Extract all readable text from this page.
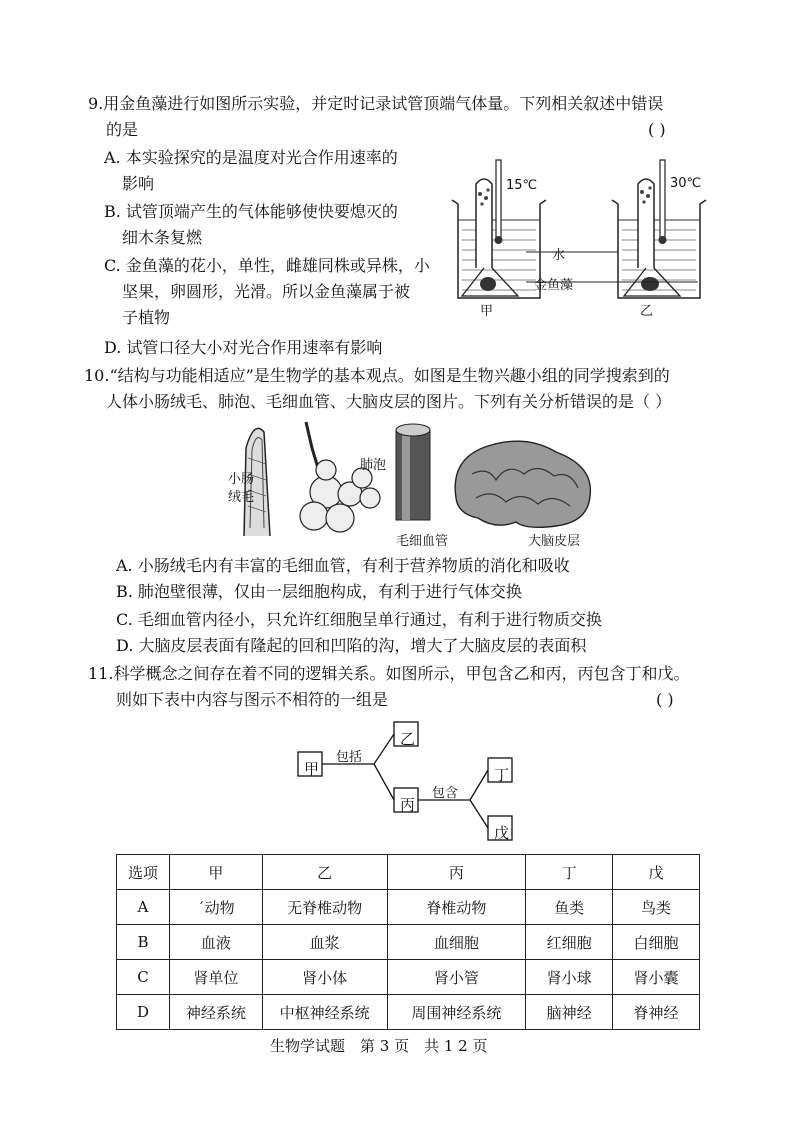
9.用金鱼藻进行如图所示实验，并定时记录试管顶端气体量。下列相关叙述中错误
的是	( )
A. 本实验探究的是温度对光合作用速率的
影响
B. 试管顶端产生的气体能够使快要熄灭的
细木条复燃
C. 金鱼藻的花小，单性，雌雄同株或异株，小
坚果，卵圆形，光滑。所以金鱼藻属于被
子植物
D. 试管口径大小对光合作用速率有影响
15℃	30℃
水
金鱼藻
甲	乙
10.“结构与功能相适应”是生物学的基本观点。如图是生物兴趣小组的同学搜索到的
人体小肠绒毛、肺泡、毛细血管、大脑皮层的图片。下列有关分析错误的是（ ）
小肠
绒毛
肺泡
毛细血管	大脑皮层
A. 小肠绒毛内有丰富的毛细血管，有利于营养物质的消化和吸收
B. 肺泡壁很薄，仅由一层细胞构成，有利于进行气体交换
C. 毛细血管内径小，只允许红细胞呈单行通过，有利于进行物质交换
D. 大脑皮层表面有隆起的回和凹陷的沟，增大了大脑皮层的表面积
11.科学概念之间存在着不同的逻辑关系。如图所示，甲包含乙和丙，丙包含丁和戊。
则如下表中内容与图示不相符的一组是	( )
甲
乙
丙
丁
戊
包括
包含
选项	甲	乙	丙	丁	戊
A	ˊ动物	无脊椎动物	脊椎动物	鱼类	鸟类
B	血液	血浆	血细胞	红细胞	白细胞
C	肾单位	肾小体	肾小管	肾小球	肾小囊
D	神经系统	中枢神经系统	周围神经系统	脑神经	脊神经
生物学试题　第 3 页　共 1 2 页
